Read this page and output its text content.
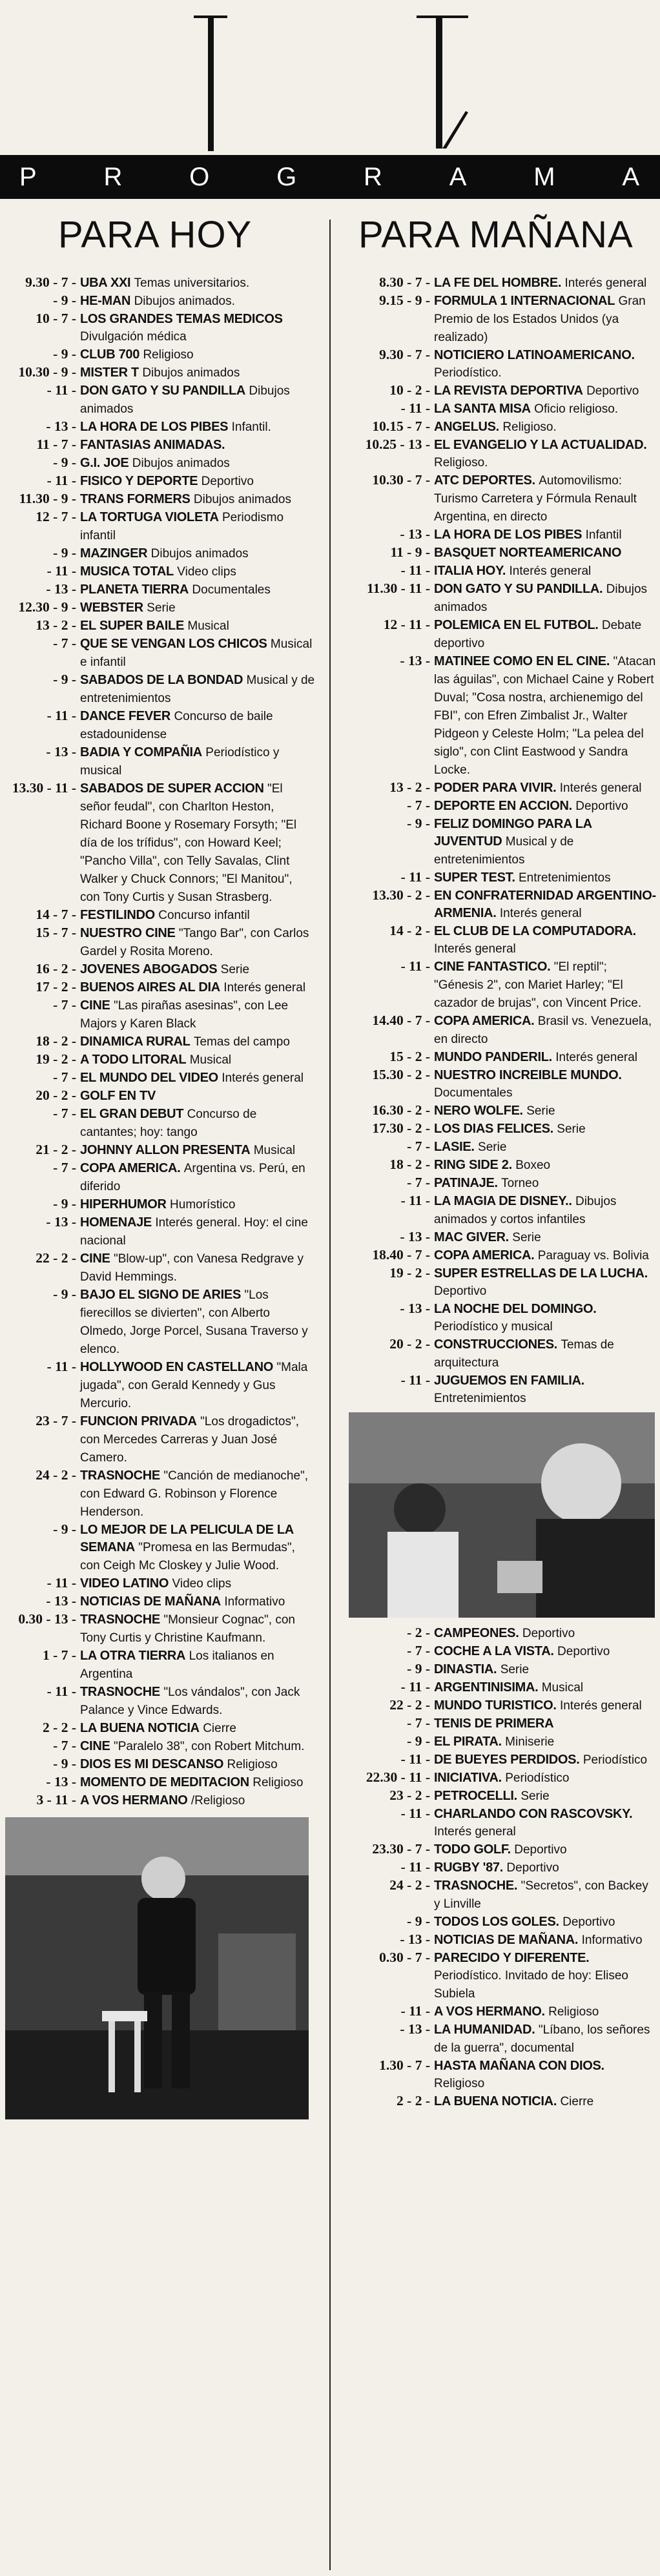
P	R	O	G	R	A	M	A
PARA HOY	PARA MAÑANA
9.30 - 7 - UBA XXI Temas universitarios.
- 9 - HE-MAN Dibujos animados.
10 - 7 - LOS GRANDES TEMAS MEDICOS Divulgación médica
- 9 - CLUB 700 Religioso
10.30 - 9 - MISTER T Dibujos animados
- 11 - DON GATO Y SU PANDILLA Dibujos animados
- 13 - LA HORA DE LOS PIBES Infantil.
11 - 7 - FANTASIAS ANIMADAS.
- 9 - G.I. JOE Dibujos animados
- 11 - FISICO Y DEPORTE Deportivo
11.30 - 9 - TRANS FORMERS Dibujos animados
12 - 7 - LA TORTUGA VIOLETA Periodismo infantil
- 9 - MAZINGER Dibujos animados
- 11 - MUSICA TOTAL Video clips
- 13 - PLANETA TIERRA Documentales
12.30 - 9 - WEBSTER Serie
13 - 2 - EL SUPER BAILE Musical
- 7 - QUE SE VENGAN LOS CHICOS Musical e infantil
- 9 - SABADOS DE LA BONDAD Musical y de entretenimientos
- 11 - DANCE FEVER Concurso de baile estadounidense
- 13 - BADIA Y COMPAÑIA Periodístico y musical
13.30 - 11 - SABADOS DE SUPER ACCION "El señor feudal", con Charlton Heston, Richard Boone y Rosemary Forsyth; "El día de los trífidus", con Howard Keel; "Pancho Villa", con Telly Savalas, Clint Walker y Chuck Connors; "El Manitou", con Tony Curtis y Susan Strasberg.
14 - 7 - FESTILINDO Concurso infantil
15 - 7 - NUESTRO CINE "Tango Bar", con Carlos Gardel y Rosita Moreno.
16 - 2 - JOVENES ABOGADOS Serie
17 - 2 - BUENOS AIRES AL DIA Interés general
- 7 - CINE "Las pirañas asesinas", con Lee Majors y Karen Black
18 - 2 - DINAMICA RURAL Temas del campo
19 - 2 - A TODO LITORAL Musical
- 7 - EL MUNDO DEL VIDEO Interés general
20 - 2 - GOLF EN TV
- 7 - EL GRAN DEBUT Concurso de cantantes; hoy: tango
21 - 2 - JOHNNY ALLON PRESENTA Musical
- 7 - COPA AMERICA. Argentina vs. Perú, en diferido
- 9 - HIPERHUMOR Humorístico
- 13 - HOMENAJE Interés general. Hoy: el cine nacional
22 - 2 - CINE "Blow-up", con Vanesa Redgrave y David Hemmings.
- 9 - BAJO EL SIGNO DE ARIES "Los fierecillos se divierten", con Alberto Olmedo, Jorge Porcel, Susana Traverso y elenco.
- 11 - HOLLYWOOD EN CASTELLANO "Mala jugada", con Gerald Kennedy y Gus Mercurio.
23 - 7 - FUNCION PRIVADA "Los drogadictos", con Mercedes Carreras y Juan José Camero.
24 - 2 - TRASNOCHE "Canción de medianoche", con Edward G. Robinson y Florence Henderson.
- 9 - LO MEJOR DE LA PELICULA DE LA SEMANA "Promesa en las Bermudas", con Ceigh Mc Closkey y Julie Wood.
- 11 - VIDEO LATINO Video clips
- 13 - NOTICIAS DE MAÑANA Informativo
0.30 - 13 - TRASNOCHE "Monsieur Cognac", con Tony Curtis y Christine Kaufmann.
1 - 7 - LA OTRA TIERRA Los italianos en Argentina
- 11 - TRASNOCHE "Los vándalos", con Jack Palance y Vince Edwards.
2 - 2 - LA BUENA NOTICIA Cierre
- 7 - CINE "Paralelo 38", con Robert Mitchum.
- 9 - DIOS ES MI DESCANSO Religioso
- 13 - MOMENTO DE MEDITACION Religioso
3 - 11 - A VOS HERMANO /Religioso
8.30 - 7 - LA FE DEL HOMBRE. Interés general
9.15 - 9 - FORMULA 1 INTERNACIONAL Gran Premio de los Estados Unidos (ya realizado)
9.30 - 7 - NOTICIERO LATINOAMERICANO. Periodístico.
10 - 2 - LA REVISTA DEPORTIVA Deportivo
- 11 - LA SANTA MISA Oficio religioso.
10.15 - 7 - ANGELUS. Religioso.
10.25 - 13 - EL EVANGELIO Y LA ACTUALIDAD. Religioso.
10.30 - 7 - ATC DEPORTES. Automovilismo: Turismo Carretera y Fórmula Renault Argentina, en directo
- 13 - LA HORA DE LOS PIBES Infantil
11 - 9 - BASQUET NORTEAMERICANO
- 11 - ITALIA HOY. Interés general
11.30 - 11 - DON GATO Y SU PANDILLA. Dibujos animados
12 - 11 - POLEMICA EN EL FUTBOL. Debate deportivo
- 13 - MATINEE COMO EN EL CINE. "Atacan las águilas", con Michael Caine y Robert Duval; "Cosa nostra, archienemigo del FBI", con Efren Zimbalist Jr., Walter Pidgeon y Celeste Holm; "La pelea del siglo", con Clint Eastwood y Sandra Locke.
13 - 2 - PODER PARA VIVIR. Interés general
- 7 - DEPORTE EN ACCION. Deportivo
- 9 - FELIZ DOMINGO PARA LA JUVENTUD Musical y de entretenimientos
- 11 - SUPER TEST. Entretenimientos
13.30 - 2 - EN CONFRATERNIDAD ARGENTINO-ARMENIA. Interés general
14 - 2 - EL CLUB DE LA COMPUTADORA. Interés general
- 11 - CINE FANTASTICO. "El reptil"; "Génesis 2", con Mariet Harley; "El cazador de brujas", con Vincent Price.
14.40 - 7 - COPA AMERICA. Brasil vs. Venezuela, en directo
15 - 2 - MUNDO PANDERIL. Interés general
15.30 - 2 - NUESTRO INCREIBLE MUNDO. Documentales
16.30 - 2 - NERO WOLFE. Serie
17.30 - 2 - LOS DIAS FELICES. Serie
- 7 - LASIE. Serie
18 - 2 - RING SIDE 2. Boxeo
- 7 - PATINAJE. Torneo
- 11 - LA MAGIA DE DISNEY.. Dibujos animados y cortos infantiles
- 13 - MAC GIVER. Serie
18.40 - 7 - COPA AMERICA. Paraguay vs. Bolivia
19 - 2 - SUPER ESTRELLAS DE LA LUCHA. Deportivo
- 13 - LA NOCHE DEL DOMINGO. Periodístico y musical
20 - 2 - CONSTRUCCIONES. Temas de arquitectura
- 11 - JUGUEMOS EN FAMILIA. Entretenimientos
- 2 - CAMPEONES. Deportivo
- 7 - COCHE A LA VISTA. Deportivo
- 9 - DINASTIA. Serie
- 11 - ARGENTINISIMA. Musical
22 - 2 - MUNDO TURISTICO. Interés general
- 7 - TENIS DE PRIMERA
- 9 - EL PIRATA. Miniserie
- 11 - DE BUEYES PERDIDOS. Periodístico
22.30 - 11 - INICIATIVA. Periodístico
23 - 2 - PETROCELLI. Serie
- 11 - CHARLANDO CON RASCOVSKY. Interés general
23.30 - 7 - TODO GOLF. Deportivo
- 11 - RUGBY '87. Deportivo
24 - 2 - TRASNOCHE. "Secretos", con Backey y Linville
- 9 - TODOS LOS GOLES. Deportivo
- 13 - NOTICIAS DE MAÑANA. Informativo
0.30 - 7 - PARECIDO Y DIFERENTE. Periodístico. Invitado de hoy: Eliseo Subiela
- 11 - A VOS HERMANO. Religioso
- 13 - LA HUMANIDAD. "Líbano, los señores de la guerra", documental
1.30 - 7 - HASTA MAÑANA CON DIOS. Religioso
2 - 2 - LA BUENA NOTICIA. Cierre
